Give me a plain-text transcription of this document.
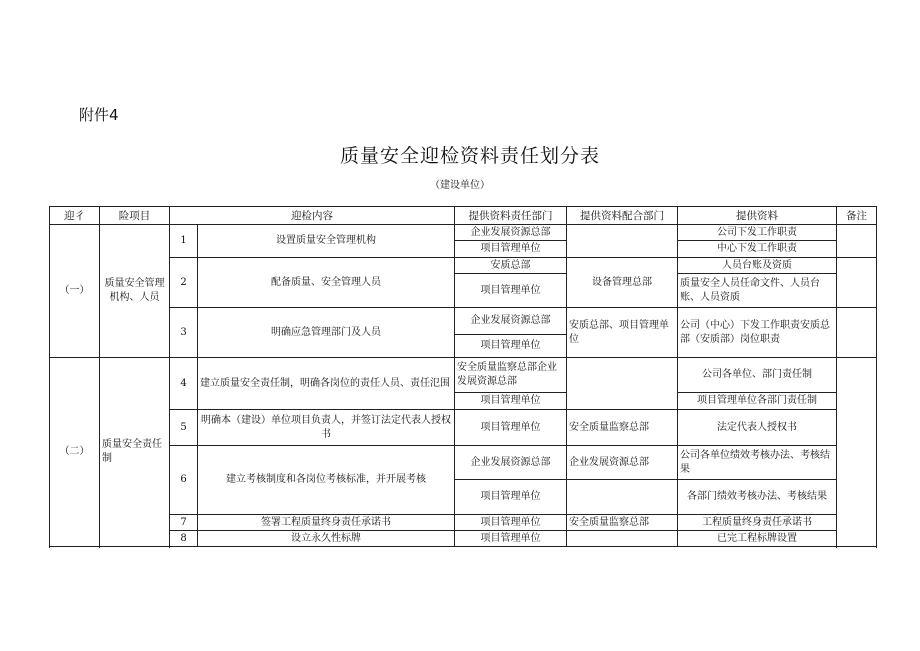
附件4
质量安全迎检资料责任划分表
（建设单位）
迎彳	险项目	迎检内容		提供资料责任部门	提供资料配合部门	提供资料	备注
（一）	质量安全管理机构、人员	1	设置质量安全管理机构	企业发展资源总部		公司下发工作职责	
				项目管理单位		中心下发工作职责	
		2	配备质量、安全管理人员	安质总部	设备管理总部	人员台账及资质	
				项目管理单位		质量安全人员任命文件、人员台账、人员资质	
		3	明确应急管理部门及人员	企业发展资源总部	安质总部、项目管理单位	公司（中心）下发工作职责安质总部（安质部）岗位职责	
				项目管理单位			

（二）	质量安全责任制	4	建立质量安全责任制，明确各岗位的责任人员、责任氾围	安全质量监察总部企业发展资源总部		公司各单位、部门责任制	
				项目管理单位		项目管理单位各部门责任制	
		5	明确本（建设）单位项目负责人，并签订法定代表人授权书	项目管理单位	安全质量监察总部	法定代表人授权书	
		6	建立考核制度和各岗位考核标准，并开展考核	企业发展资源总部	企业发展资源总部	公司各单位绩效考核办法、考核结果	
				项目管理单位		各部门绩效考核办法、考核结果	
		7	签署工程质量终身责任承诺书	项目管理单位	安全质量监察总部	工程质量终身责任承诺书	
		8	设立永久性标牌	项目管理单位		已完工程标牌设置	
